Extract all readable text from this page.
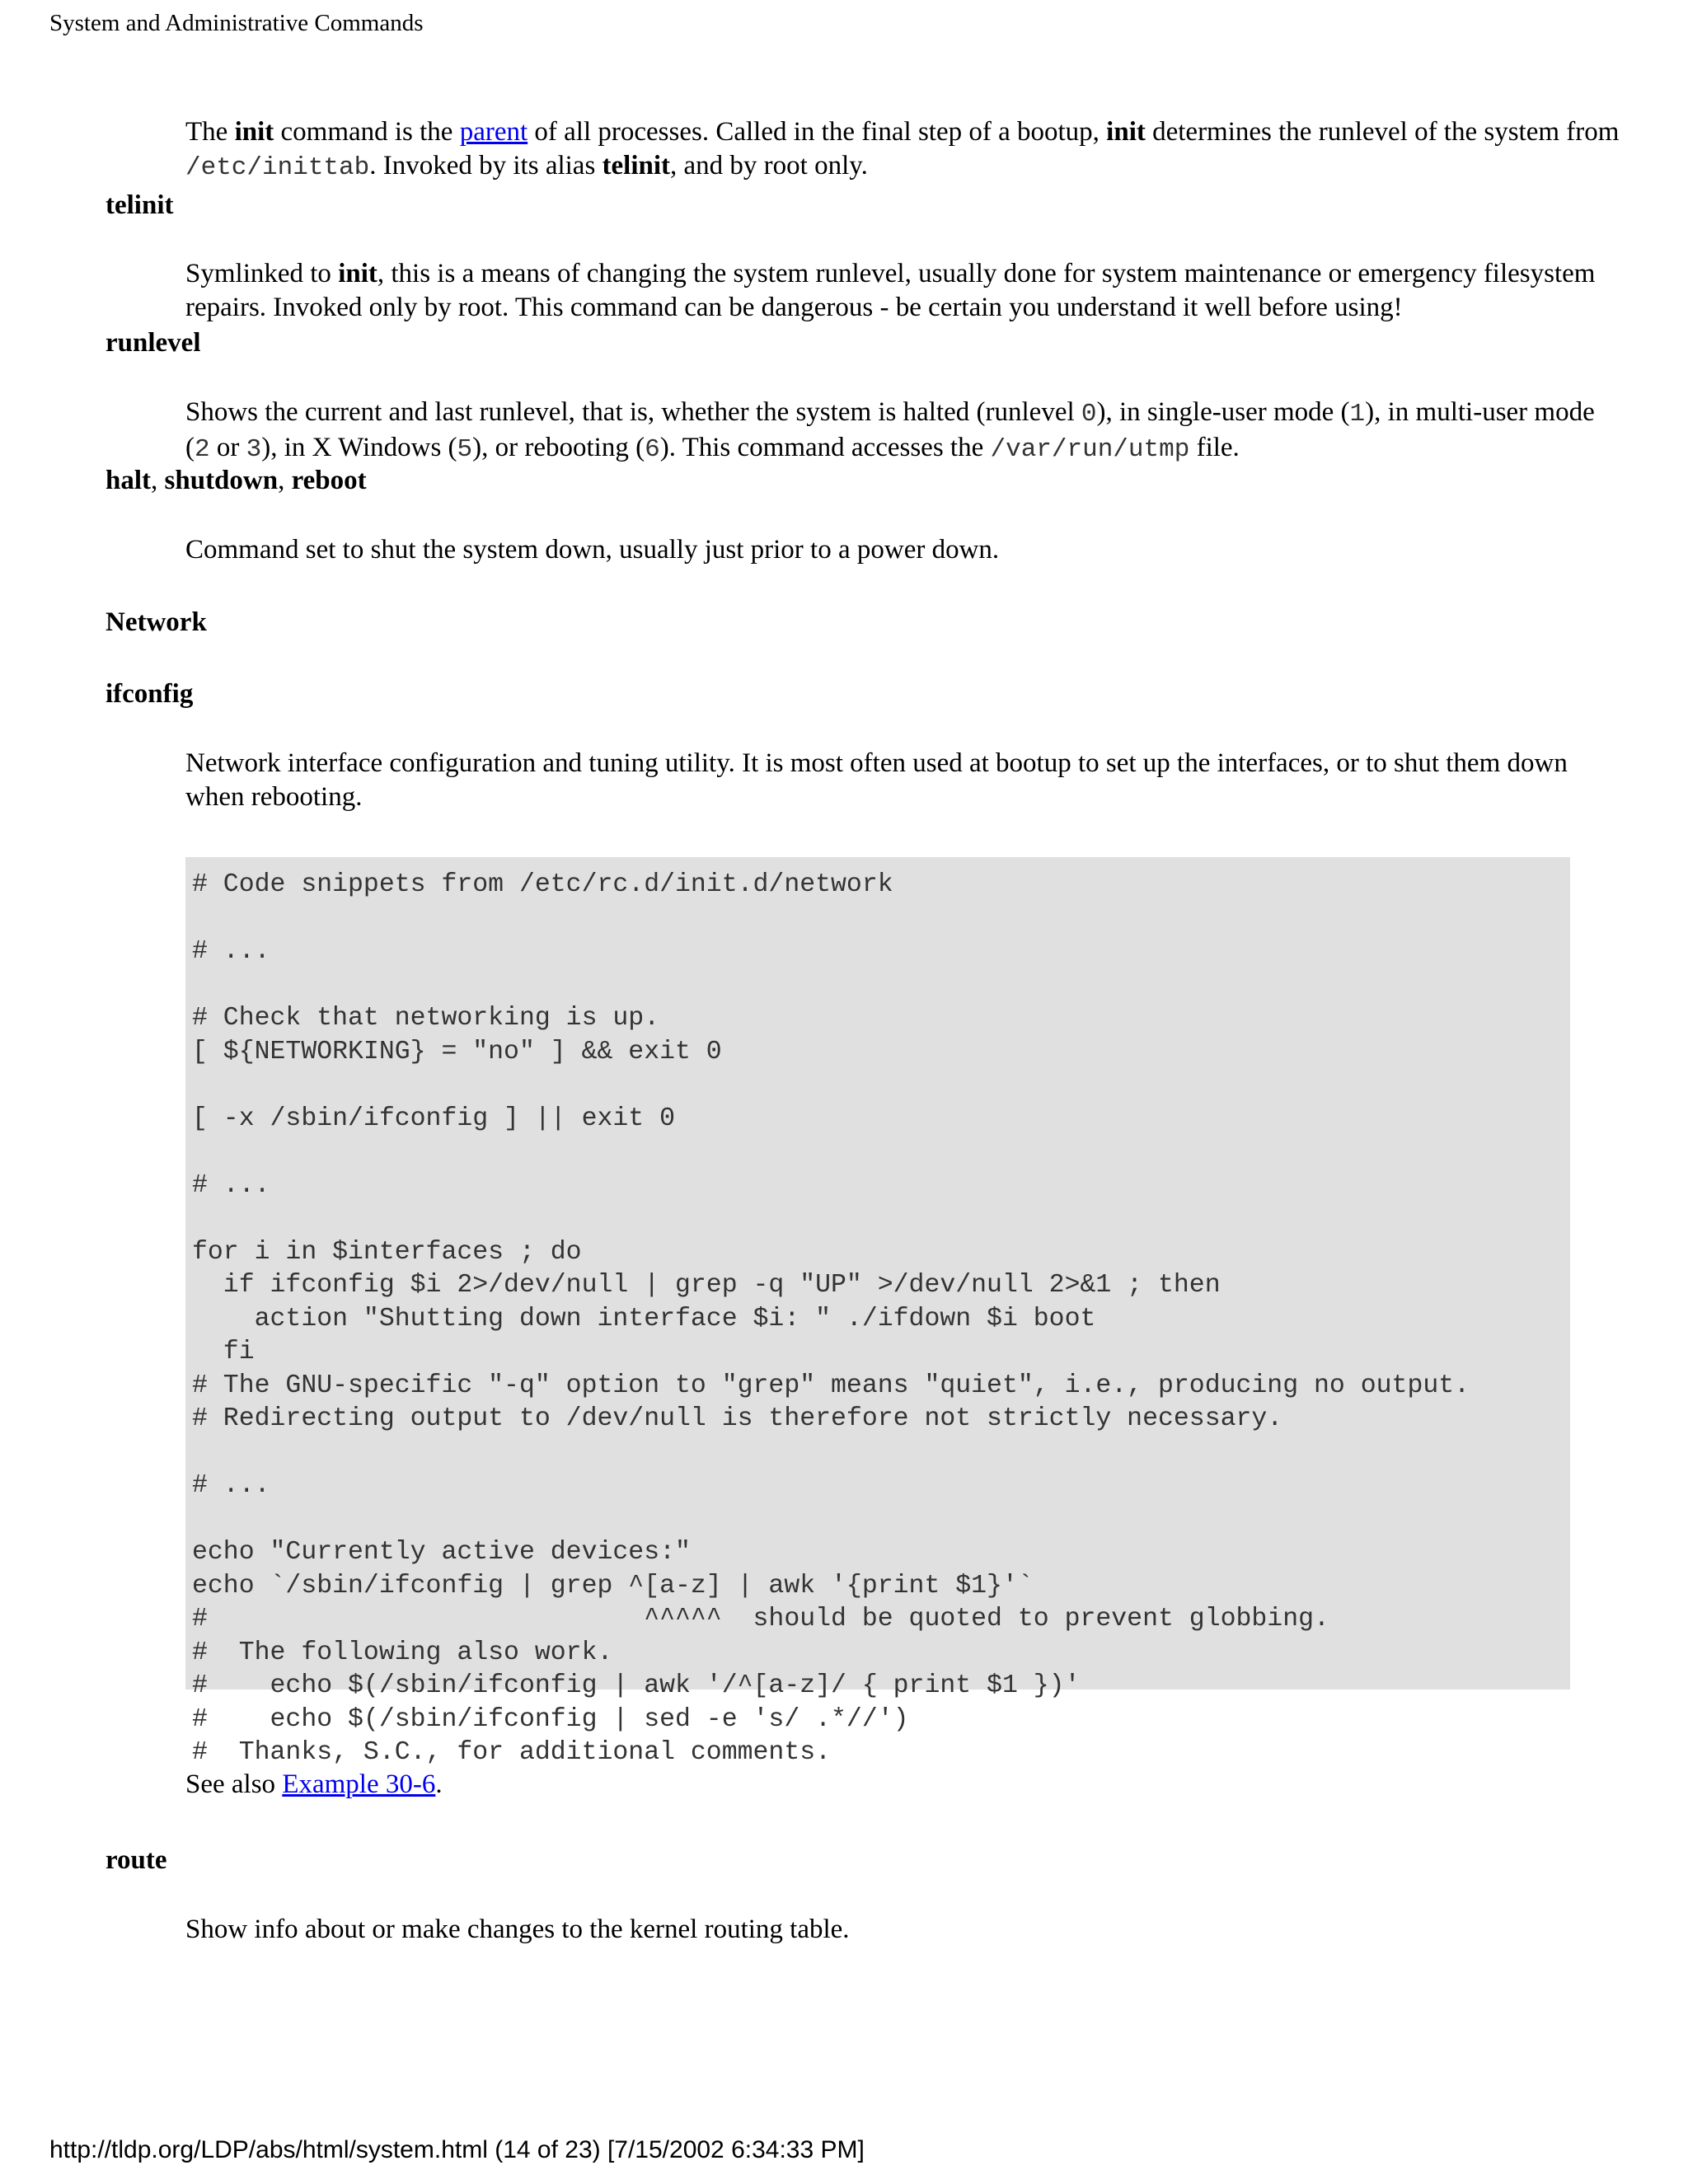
System and Administrative Commands
The init command is the parent of all processes. Called in the final step of a bootup, init determines the runlevel of the system from /etc/inittab. Invoked by its alias telinit, and by root only.
telinit
Symlinked to init, this is a means of changing the system runlevel, usually done for system maintenance or emergency filesystem repairs. Invoked only by root. This command can be dangerous - be certain you understand it well before using!
runlevel
Shows the current and last runlevel, that is, whether the system is halted (runlevel 0), in single-user mode (1), in multi-user mode (2 or 3), in X Windows (5), or rebooting (6). This command accesses the /var/run/utmp file.
halt, shutdown, reboot
Command set to shut the system down, usually just prior to a power down.
Network
ifconfig
Network interface configuration and tuning utility. It is most often used at bootup to set up the interfaces, or to shut them down when rebooting.
# Code snippets from /etc/rc.d/init.d/network

# ...

# Check that networking is up.
[ ${NETWORKING} = "no" ] && exit 0

[ -x /sbin/ifconfig ] || exit 0

# ...

for i in $interfaces ; do
if ifconfig $i 2>/dev/null | grep -q "UP" >/dev/null 2>&1 ; then
action "Shutting down interface $i: " ./ifdown $i boot
fi
# The GNU-specific "-q" option to "grep" means "quiet", i.e., producing no output.
# Redirecting output to /dev/null is therefore not strictly necessary.

# ...

echo "Currently active devices:"
echo `/sbin/ifconfig | grep ^[a-z] | awk '{print $1}'`
#                            ^^^^^  should be quoted to prevent globbing.
#  The following also work.
#    echo $(/sbin/ifconfig | awk '/^[a-z]/ { print $1 })'
#    echo $(/sbin/ifconfig | sed -e 's/ .*//')
#  Thanks, S.C., for additional comments.
See also Example 30-6.
route
Show info about or make changes to the kernel routing table.
http://tldp.org/LDP/abs/html/system.html (14 of 23) [7/15/2002 6:34:33 PM]
